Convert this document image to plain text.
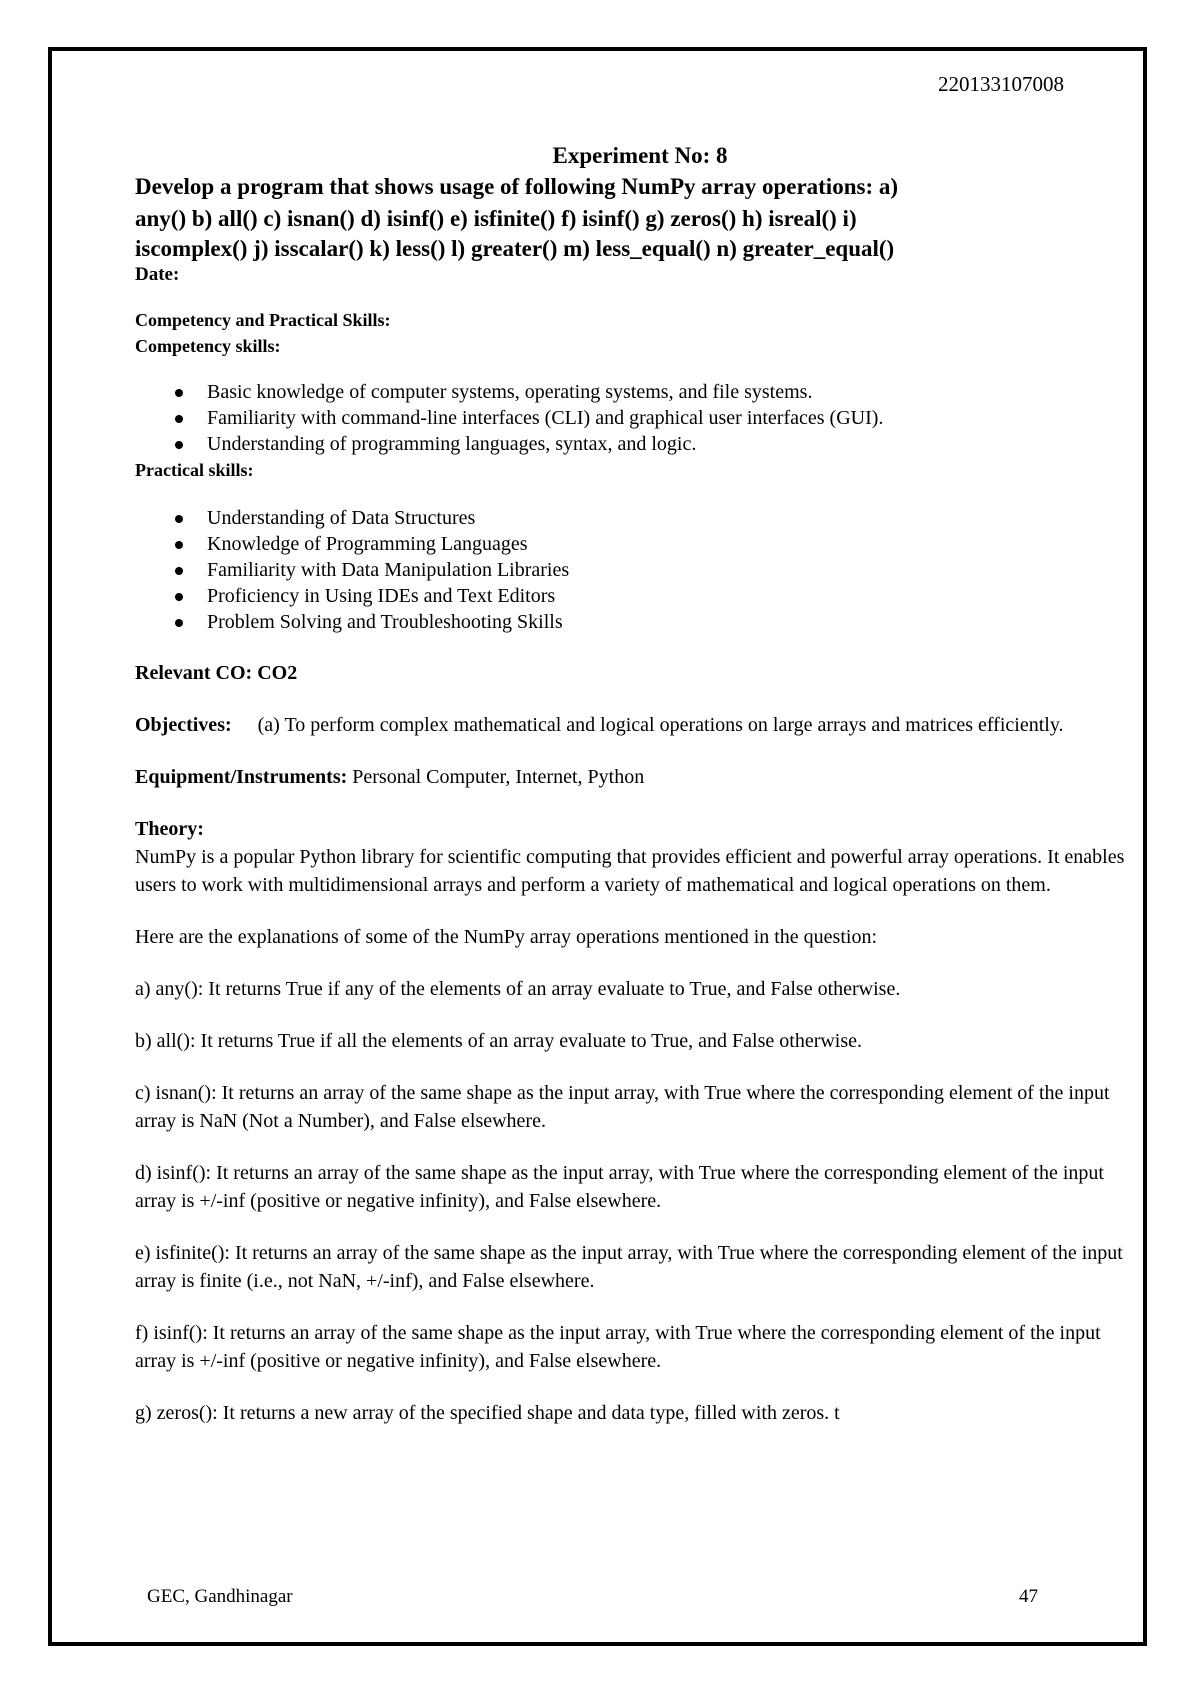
220133107008
Experiment No: 8
Develop a program that shows usage of following NumPy array operations: a)
any() b) all() c) isnan() d) isinf() e) isfinite() f) isinf() g) zeros() h) isreal() i)
iscomplex() j) isscalar() k) less() l) greater() m) less_equal() n) greater_equal()
Date:
Competency and Practical Skills:
Competency skills:
Basic knowledge of computer systems, operating systems, and file systems.
Familiarity with command-line interfaces (CLI) and graphical user interfaces (GUI).
Understanding of programming languages, syntax, and logic.
Practical skills:
Understanding of Data Structures
Knowledge of Programming Languages
Familiarity with Data Manipulation Libraries
Proficiency in Using IDEs and Text Editors
Problem Solving and Troubleshooting Skills

Relevant CO: CO2

Objectives: (a) To perform complex mathematical and logical operations on large arrays and matrices efficiently.

Equipment/Instruments: Personal Computer, Internet, Python

Theory:

NumPy is a popular Python library for scientific computing that provides efficient and powerful array operations. It enables users to work with multidimensional arrays and perform a variety of mathematical and logical operations on them.

Here are the explanations of some of the NumPy array operations mentioned in the question:

a) any(): It returns True if any of the elements of an array evaluate to True, and False otherwise.

b) all(): It returns True if all the elements of an array evaluate to True, and False otherwise.

c) isnan(): It returns an array of the same shape as the input array, with True where the corresponding element of the input array is NaN (Not a Number), and False elsewhere.

d) isinf(): It returns an array of the same shape as the input array, with True where the corresponding element of the input array is +/-inf (positive or negative infinity), and False elsewhere.

e) isfinite(): It returns an array of the same shape as the input array, with True where the corresponding element of the input array is finite (i.e., not NaN, +/-inf), and False elsewhere.

f) isinf(): It returns an array of the same shape as the input array, with True where the corresponding element of the input array is +/-inf (positive or negative infinity), and False elsewhere.

g) zeros(): It returns a new array of the specified shape and data type, filled with zeros. t

GEC, Gandhinagar	47
